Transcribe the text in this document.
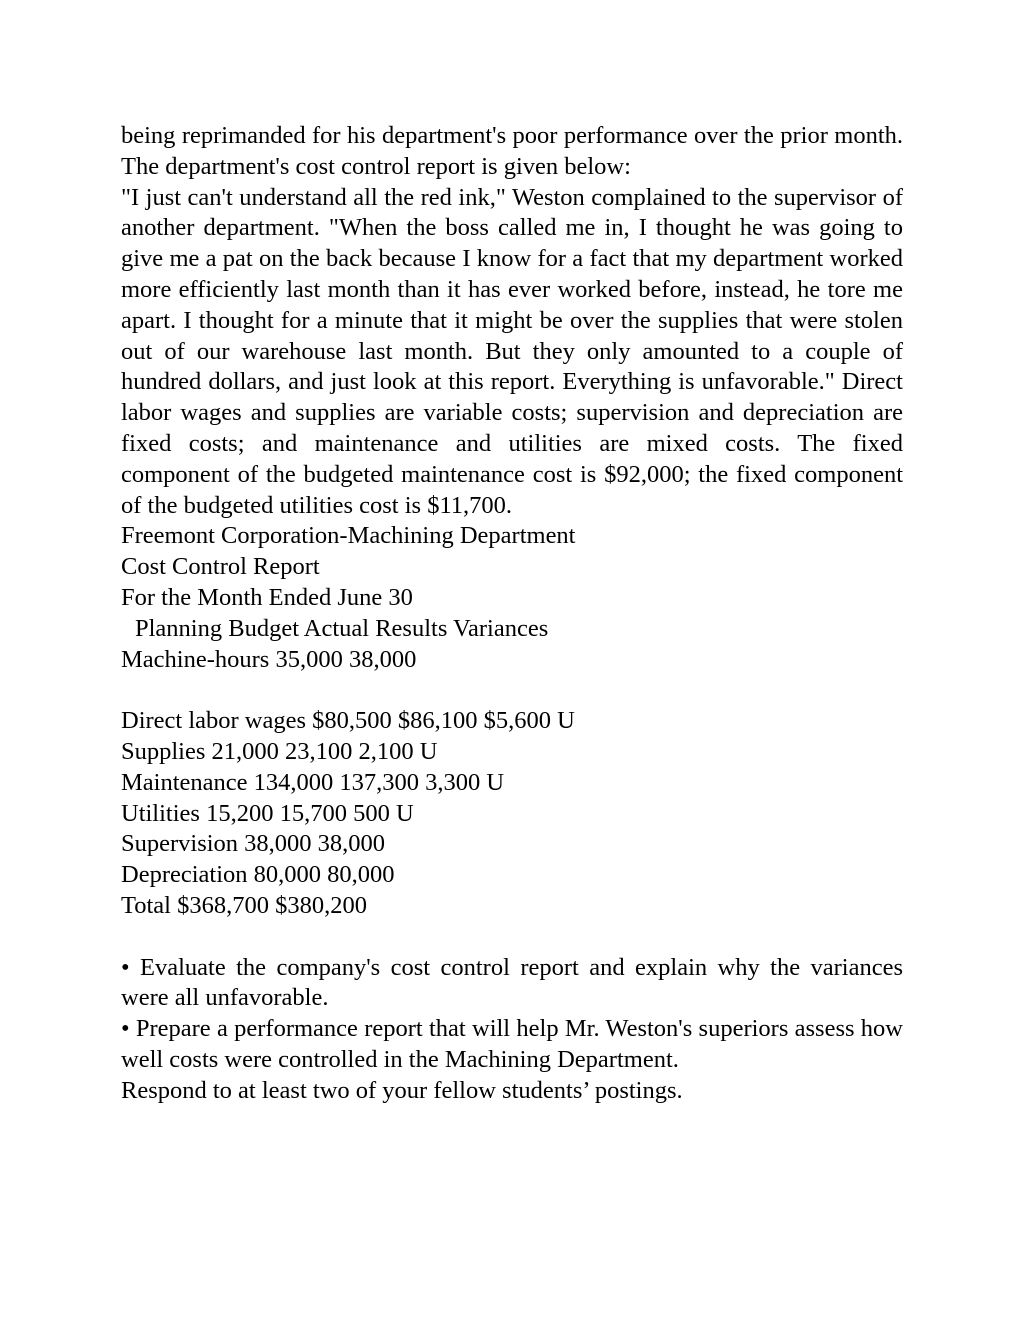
being reprimanded for his department's poor performance over the prior month. The department's cost control report is given below:

"I just can't understand all the red ink," Weston complained to the supervisor of another department. "When the boss called me in, I thought he was going to give me a pat on the back because I know for a fact that my department worked more efficiently last month than it has ever worked before, instead, he tore me apart. I thought for a minute that it might be over the supplies that were stolen out of our warehouse last month. But they only amounted to a couple of hundred dollars, and just look at this report. Everything is unfavorable." Direct labor wages and supplies are variable costs; supervision and depreciation are fixed costs; and maintenance and utilities are mixed costs. The fixed component of the budgeted maintenance cost is $92,000; the fixed component of the budgeted utilities cost is $11,700.

Freemont Corporation-Machining Department

Cost Control Report

For the Month Ended June 30

Planning Budget Actual Results Variances

Machine-hours 35,000 38,000

Direct labor wages $80,500 $86,100 $5,600 U

Supplies 21,000 23,100 2,100 U

Maintenance 134,000 137,300 3,300 U

Utilities 15,200 15,700 500 U

Supervision 38,000 38,000

Depreciation 80,000 80,000

Total $368,700 $380,200

• Evaluate the company's cost control report and explain why the variances were all unfavorable.

• Prepare a performance report that will help Mr. Weston's superiors assess how well costs were controlled in the Machining Department.

Respond to at least two of your fellow students’ postings.
